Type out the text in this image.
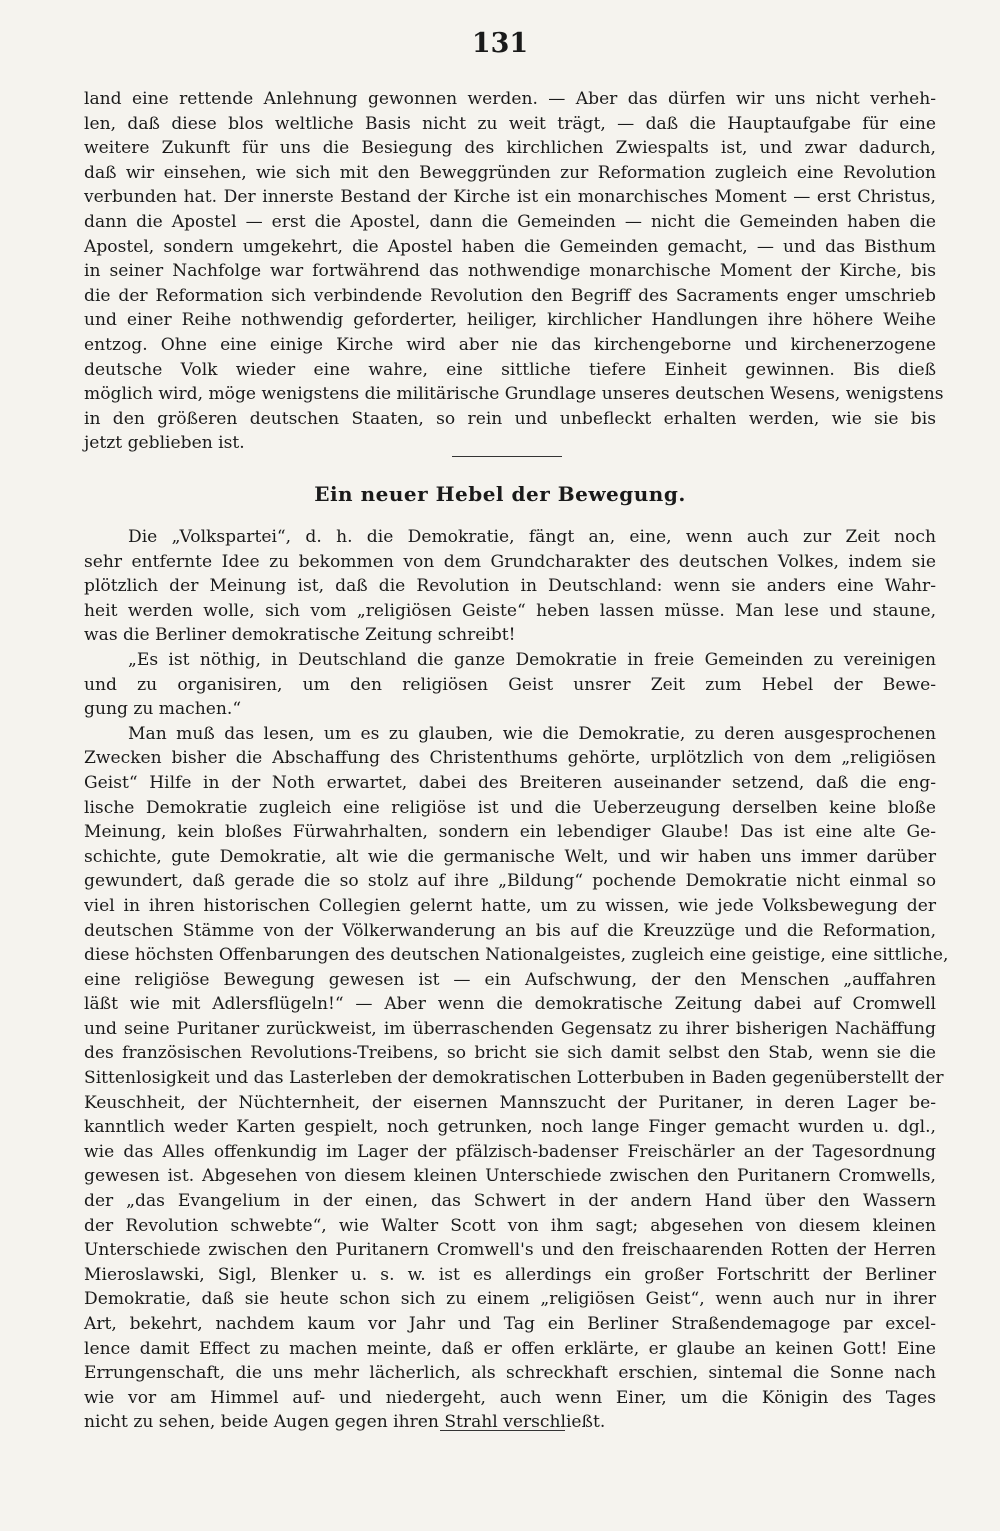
131
land eine rettende Anlehnung gewonnen werden. — Aber das dürfen wir uns nicht verheh-
len, daß diese blos weltliche Basis nicht zu weit trägt, — daß die Hauptaufgabe für eine
weitere Zukunft für uns die Besiegung des kirchlichen Zwiespalts ist, und zwar dadurch,
daß wir einsehen, wie sich mit den Beweggründen zur Reformation zugleich eine Revolution
verbunden hat. Der innerste Bestand der Kirche ist ein monarchisches Moment — erst Christus,
dann die Apostel — erst die Apostel, dann die Gemeinden — nicht die Gemeinden haben die
Apostel, sondern umgekehrt, die Apostel haben die Gemeinden gemacht, — und das Bisthum
in seiner Nachfolge war fortwährend das nothwendige monarchische Moment der Kirche, bis
die der Reformation sich verbindende Revolution den Begriff des Sacraments enger umschrieb
und einer Reihe nothwendig geforderter, heiliger, kirchlicher Handlungen ihre höhere Weihe
entzog. Ohne eine einige Kirche wird aber nie das kirchengeborne und kirchenerzogene
deutsche Volk wieder eine wahre, eine sittliche tiefere Einheit gewinnen. Bis dieß
möglich wird, möge wenigstens die militärische Grundlage unseres deutschen Wesens, wenigstens
in den größeren deutschen Staaten, so rein und unbefleckt erhalten werden, wie sie bis
jetzt geblieben ist.
Ein neuer Hebel der Bewegung.
Die „Volkspartei“, d. h. die Demokratie, fängt an, eine, wenn auch zur Zeit noch
sehr entfernte Idee zu bekommen von dem Grundcharakter des deutschen Volkes, indem sie
plötzlich der Meinung ist, daß die Revolution in Deutschland: wenn sie anders eine Wahr-
heit werden wolle, sich vom „religiösen Geiste“ heben lassen müsse. Man lese und staune,
was die Berliner demokratische Zeitung schreibt!
„Es ist nöthig, in Deutschland die ganze Demokratie in freie Gemeinden zu vereinigen
und zu organisiren, um den religiösen Geist unsrer Zeit zum Hebel der Bewe-
gung zu machen.“
Man muß das lesen, um es zu glauben, wie die Demokratie, zu deren ausgesprochenen
Zwecken bisher die Abschaffung des Christenthums gehörte, urplötzlich von dem „religiösen
Geist“ Hilfe in der Noth erwartet, dabei des Breiteren auseinander setzend, daß die eng-
lische Demokratie zugleich eine religiöse ist und die Ueberzeugung derselben keine bloße
Meinung, kein bloßes Fürwahrhalten, sondern ein lebendiger Glaube! Das ist eine alte Ge-
schichte, gute Demokratie, alt wie die germanische Welt, und wir haben uns immer darüber
gewundert, daß gerade die so stolz auf ihre „Bildung“ pochende Demokratie nicht einmal so
viel in ihren historischen Collegien gelernt hatte, um zu wissen, wie jede Volksbewegung der
deutschen Stämme von der Völkerwanderung an bis auf die Kreuzzüge und die Reformation,
diese höchsten Offenbarungen des deutschen Nationalgeistes, zugleich eine geistige, eine sittliche,
eine religiöse Bewegung gewesen ist — ein Aufschwung, der den Menschen „auffahren
läßt wie mit Adlersflügeln!“ — Aber wenn die demokratische Zeitung dabei auf Cromwell
und seine Puritaner zurückweist, im überraschenden Gegensatz zu ihrer bisherigen Nachäffung
des französischen Revolutions-Treibens, so bricht sie sich damit selbst den Stab, wenn sie die
Sittenlosigkeit und das Lasterleben der demokratischen Lotterbuben in Baden gegenüberstellt der
Keuschheit, der Nüchternheit, der eisernen Mannszucht der Puritaner, in deren Lager be-
kanntlich weder Karten gespielt, noch getrunken, noch lange Finger gemacht wurden u. dgl.,
wie das Alles offenkundig im Lager der pfälzisch-badenser Freischärler an der Tagesordnung
gewesen ist. Abgesehen von diesem kleinen Unterschiede zwischen den Puritanern Cromwells,
der „das Evangelium in der einen, das Schwert in der andern Hand über den Wassern
der Revolution schwebte“, wie Walter Scott von ihm sagt; abgesehen von diesem kleinen
Unterschiede zwischen den Puritanern Cromwell's und den freischaarenden Rotten der Herren
Mieroslawski, Sigl, Blenker u. s. w. ist es allerdings ein großer Fortschritt der Berliner
Demokratie, daß sie heute schon sich zu einem „religiösen Geist“, wenn auch nur in ihrer
Art, bekehrt, nachdem kaum vor Jahr und Tag ein Berliner Straßendemagoge par excel-
lence damit Effect zu machen meinte, daß er offen erklärte, er glaube an keinen Gott! Eine
Errungenschaft, die uns mehr lächerlich, als schreckhaft erschien, sintemal die Sonne nach
wie vor am Himmel auf- und niedergeht, auch wenn Einer, um die Königin des Tages
nicht zu sehen, beide Augen gegen ihren Strahl verschließt.
